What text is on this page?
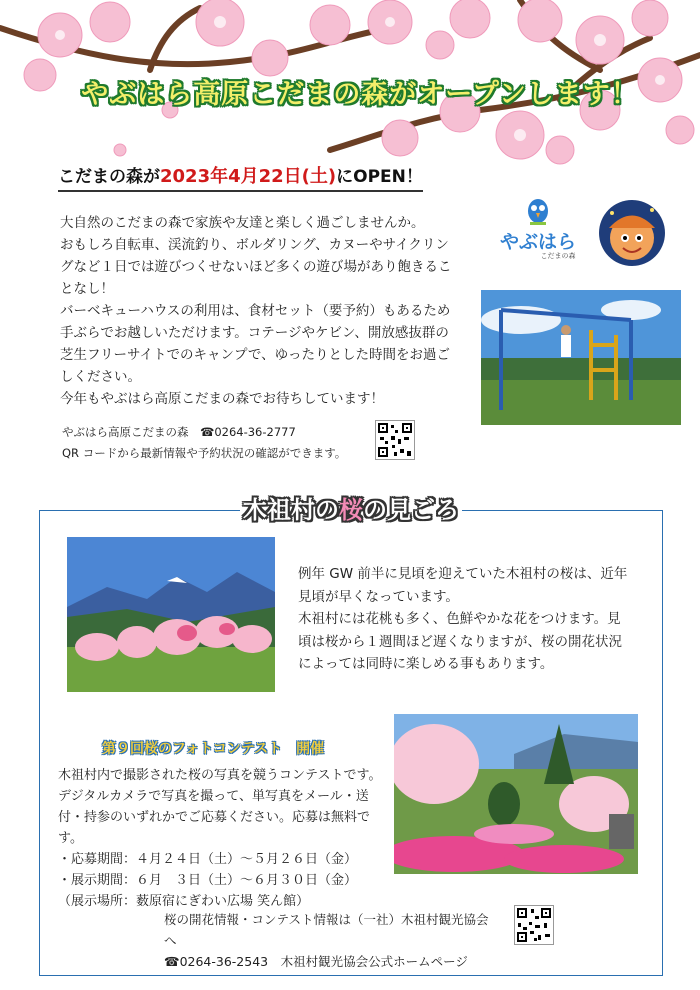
やぶはら高原こだまの森がオープンします！
こだまの森が2023年4月22日(土)にOPEN！

大自然のこだまの森で家族や友達と楽しく過ごしませんか。

おもしろ自転車、渓流釣り、ボルダリング、カヌーやサイクリングなど１日では遊びつくせないほど多くの遊び場があり飽きることなし！

バーベキューハウスの利用は、食材セット（要予約）もあるため手ぶらでお越しいただけます。コテージやケビン、開放感抜群の芝生フリーサイトでのキャンプで、ゆったりとした時間をお過ごしください。

今年もやぶはら高原こだまの森でお待ちしています！

やぶはら高原こだまの森　☎0264-36-2777
QR コードから最新情報や予約状況の確認ができます。
やぶはら
こだまの森
木祖村の桜の見ごろ

例年 GW 前半に見頃を迎えていた木祖村の桜は、近年見頃が早くなっています。

木祖村には花桃も多く、色鮮やかな花をつけます。見頃は桜から１週間ほど遅くなりますが、桜の開花状況によっては同時に楽しめる事もあります。

第９回桜のフォトコンテスト　開催

木祖村内で撮影された桜の写真を競うコンテストです。

デジタルカメラで写真を撮って、単写真をメール・送付・持参のいずれかでご応募ください。応募は無料です。

・応募期間：４月２４日（土）～５月２６日（金）

・展示期間：６月　３日（土）～６月３０日（金）

（展示場所：薮原宿にぎわい広場 笑ん館）

桜の開花情報・コンテスト情報は（一社）木祖村観光協会へ

☎0264-36-2543　木祖村観光協会公式ホームページ
